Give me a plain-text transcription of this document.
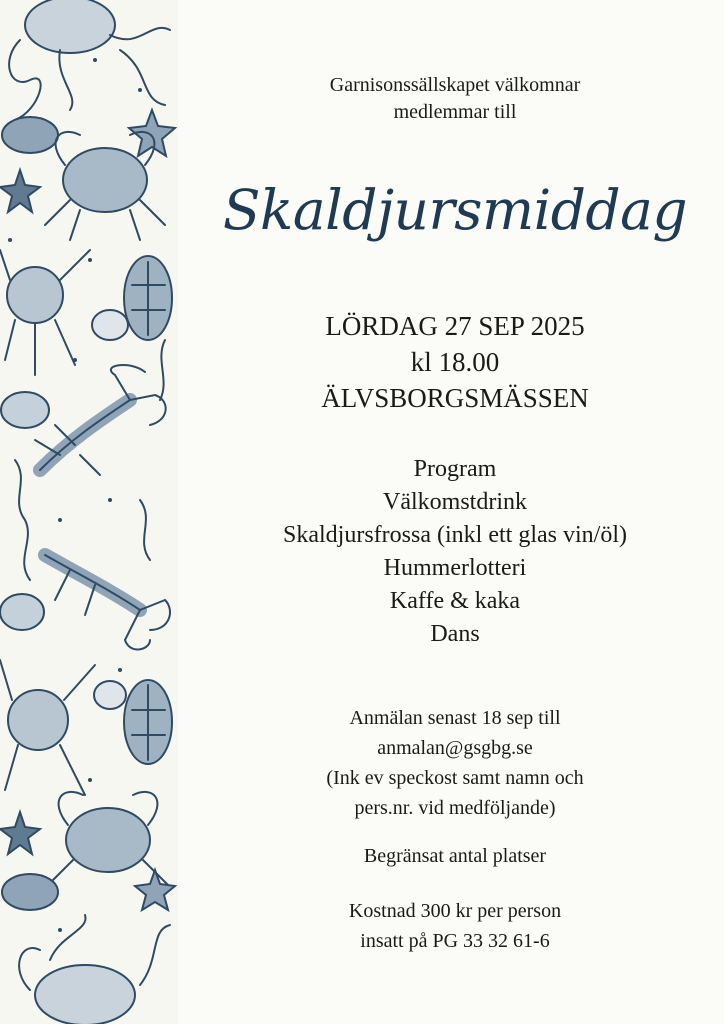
Garnisonssällskapet välkomnar
medlemmar till
Skaldjursmiddag
LÖRDAG 27 SEP 2025
kl 18.00
ÄLVSBORGSMÄSSEN
Program
Välkomstdrink
Skaldjursfrossa (inkl ett glas vin/öl)
Hummerlotteri
Kaffe & kaka
Dans
Anmälan senast 18 sep till
anmalan@gsgbg.se
(Ink ev speckost samt namn och
pers.nr. vid medföljande)
Begränsat antal platser
Kostnad 300 kr per person
insatt på PG 33 32 61-6
